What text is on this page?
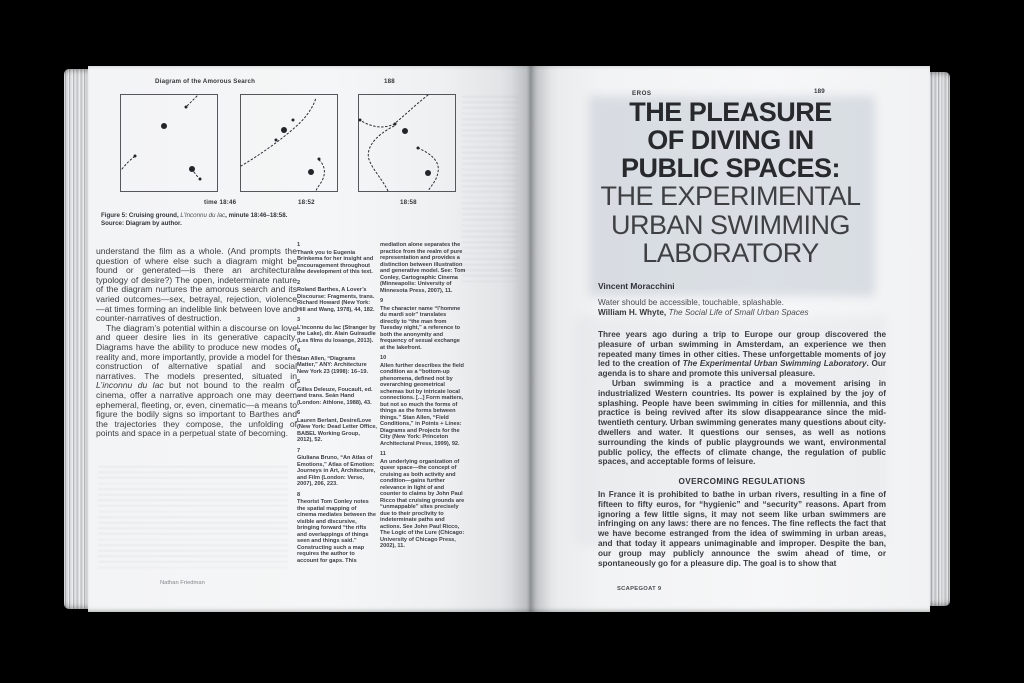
Diagram of the Amorous Search	188
time 18:46	18:52	18:58
Figure 5: Cruising ground, L’Inconnu du lac, minute 18:46–18:58.
Source: Diagram by author.

understand the film as a whole. (And prompts the question of where else such a diagram might be found or generated—is there an architectural typology of desire?) The open, indeterminate nature of the diagram nurtures the amorous search and its varied outcomes—sex, betrayal, rejection, violence—at times forming an indelible link between love and counter-narratives of destruction.

The diagram’s potential within a discourse on love and queer desire lies in its generative capacity. Diagrams have the ability to produce new modes of reality and, more importantly, provide a model for the construction of alternative spatial and social narratives. The models presented, situated in L’inconnu du lac but not bound to the realm of cinema, offer a narrative approach one may deem ephemeral, fleeting, or, even, cinematic—a means to figure the bodily signs so important to Barthes and the trajectories they compose, the unfolding of points and space in a perpetual state of becoming.

1
Thank you to Eugenia Brinkema for her insight and encouragement throughout the development of this text.
2
Roland Barthes, A Lover’s Discourse: Fragments, trans. Richard Howard (New York: Hill and Wang, 1978), 44, 182.
3
L’inconnu du lac (Stranger by the Lake), dir. Alain Guiraudie (Les films du losange, 2013).
4
Stan Allen, “Diagrams Matter,” ANY: Architecture New York 23 (1998): 16–19.
5
Gilles Deleuze, Foucault, ed. and trans. Seán Hand (London: Athlone, 1988), 43.
6
Lauren Berlant, Desire/Love (New York: Dead Letter Office, BABEL Working Group, 2012), 52.
7
Giuliana Bruno, “An Atlas of Emotions,” Atlas of Emotion: Journeys in Art, Architecture, and Film (London: Verso, 2007), 206, 223.
8
Theorist Tom Conley notes the spatial mapping of cinema mediates between the visible and discursive, bringing forward “the rifts and overlappings of things seen and things said.” Constructing such a map requires the author to account for gaps. This
mediation alone separates the practice from the realm of pure representation and provides a distinction between illustration and generative model. See: Tom Conley, Cartographic Cinema (Minneapolis: University of Minnesota Press, 2007), 11.
9
The character name “l’homme du mardi soir” translates directly to “the man from Tuesday night,” a reference to both the anonymity and frequency of sexual exchange at the lakefront.
10
Allen further describes the field condition as a “bottom-up phenomena, defined not by overarching geometrical schemas but by intricate local connections. [...] Form matters, but not so much the forms of things as the forms between things.” Stan Allen, “Field Conditions,” in Points + Lines: Diagrams and Projects for the City (New York: Princeton Architectural Press, 1999), 92.
11
An underlying organization of queer space—the concept of cruising as both activity and condition—gains further relevance in light of and counter to claims by John Paul Ricco that cruising grounds are “unmappable” sites precisely due to their proclivity to indeterminate paths and actions. See John Paul Ricco, The Logic of the Lure (Chicago: University of Chicago Press, 2002), 11.
Nathan Friedman
EROS	189
THE PLEASURE
OF DIVING IN
PUBLIC SPACES:
THE EXPERIMENTAL
URBAN SWIMMING
LABORATORY
Vincent Moracchini
Water should be accessible, touchable, splashable.
William H. Whyte, The Social Life of Small Urban Spaces

Three years ago during a trip to Europe our group discovered the pleasure of urban swimming in Amsterdam, an experience we then repeated many times in other cities. These unforgettable moments of joy led to the creation of The Experimental Urban Swimming Laboratory. Our agenda is to share and promote this universal pleasure.

Urban swimming is a practice and a movement arising in industrialized Western countries. Its power is explained by the joy of splashing. People have been swimming in cities for millennia, and this practice is being revived after its slow disappearance since the mid-twentieth century. Urban swimming generates many questions about city-dwellers and water. It questions our senses, as well as notions surrounding the kinds of public playgrounds we want, environmental public policy, the effects of climate change, the regulation of public spaces, and acceptable forms of leisure.

OVERCOMING REGULATIONS

In France it is prohibited to bathe in urban rivers, resulting in a fine of fifteen to fifty euros, for “hygienic” and “security” reasons. Apart from ignoring a few little signs, it may not seem like urban swimmers are infringing on any laws: there are no fences. The fine reflects the fact that we have become estranged from the idea of swimming in urban areas, and that today it appears unimaginable and improper. Despite the ban, our group may publicly announce the swim ahead of time, or spontaneously go for a pleasure dip. The goal is to show that

SCAPEGOAT 9
